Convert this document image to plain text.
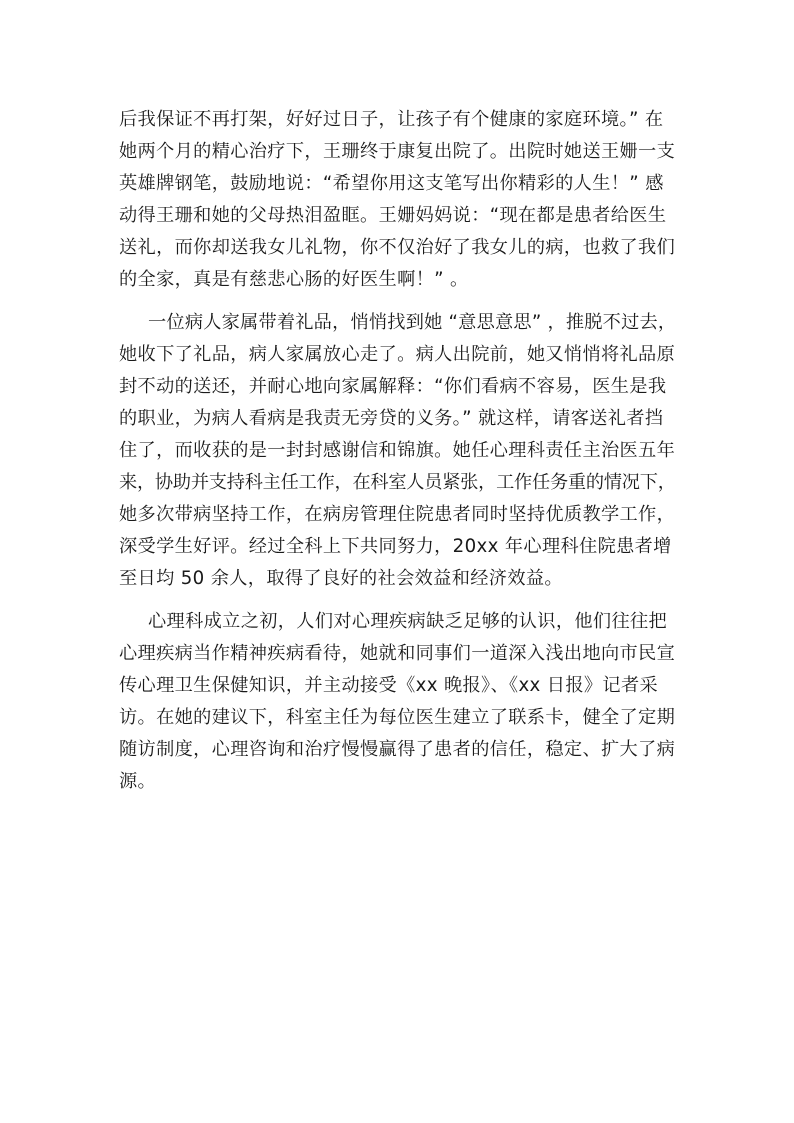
后我保证不再打架，好好过日子，让孩子有个健康的家庭环境。” 在
她两个月的精心治疗下，王珊终于康复出院了。出院时她送王姗一支
英雄牌钢笔，鼓励地说：“希望你用这支笔写出你精彩的人生！” 感
动得王珊和她的父母热泪盈眶。王姗妈妈说：“现在都是患者给医生
送礼，而你却送我女儿礼物，你不仅治好了我女儿的病，也救了我们
的全家，真是有慈悲心肠的好医生啊！” 。

一位病人家属带着礼品，悄悄找到她 “意思意思” ，推脱不过去，
她收下了礼品，病人家属放心走了。病人出院前，她又悄悄将礼品原
封不动的送还，并耐心地向家属解释：“你们看病不容易，医生是我
的职业，为病人看病是我责无旁贷的义务。” 就这样，请客送礼者挡
住了，而收获的是一封封感谢信和锦旗。她任心理科责任主治医五年
来，协助并支持科主任工作，在科室人员紧张，工作任务重的情况下，
她多次带病坚持工作，在病房管理住院患者同时坚持优质教学工作，
深受学生好评。经过全科上下共同努力，20xx 年心理科住院患者增
至日均 50 余人，取得了良好的社会效益和经济效益。

心理科成立之初，人们对心理疾病缺乏足够的认识，他们往往把
心理疾病当作精神疾病看待，她就和同事们一道深入浅出地向市民宣
传心理卫生保健知识，并主动接受《xx 晚报》、《xx 日报》记者采
访。在她的建议下，科室主任为每位医生建立了联系卡，健全了定期
随访制度，心理咨询和治疗慢慢赢得了患者的信任，稳定、扩大了病
源。
